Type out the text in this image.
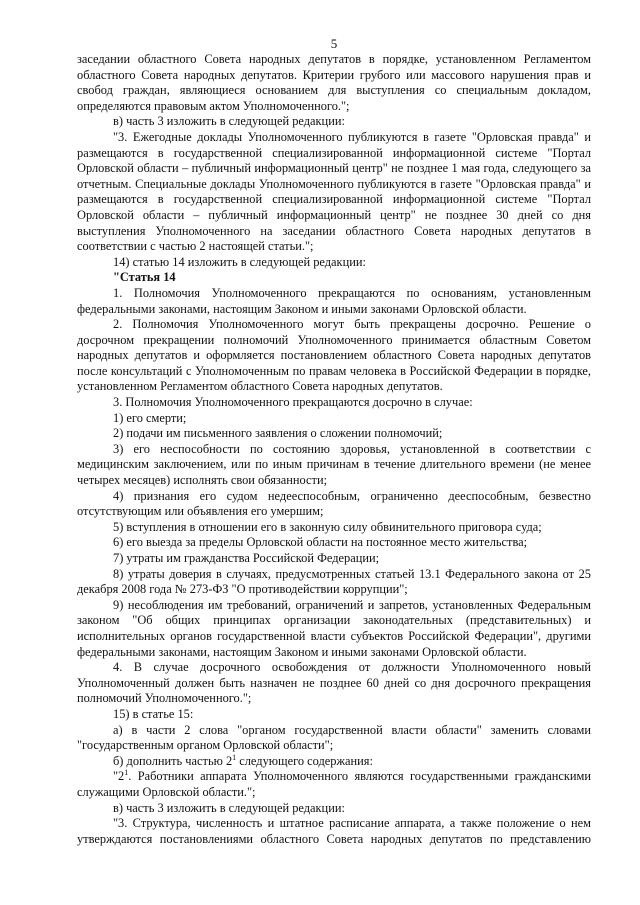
5

заседании областного Совета народных депутатов в порядке, установленном Регламентом областного Совета народных депутатов. Критерии грубого или массового нарушения прав и свобод граждан, являющиеся основанием для выступления со специальным докладом, определяются правовым актом Уполномоченного.";

в) часть 3 изложить в следующей редакции:

"3. Ежегодные доклады Уполномоченного публикуются в газете "Орловская правда" и размещаются в государственной специализированной информационной системе "Портал Орловской области – публичный информационный центр" не позднее 1 мая года, следующего за отчетным. Специальные доклады Уполномоченного публикуются в газете "Орловская правда" и размещаются в государственной специализированной информационной системе "Портал Орловской области – публичный информационный центр" не позднее 30 дней со дня выступления Уполномоченного на заседании областного Совета народных депутатов в соответствии с частью 2 настоящей статьи.";

14) статью 14 изложить в следующей редакции:

"Статья 14

1. Полномочия Уполномоченного прекращаются по основаниям, установленным федеральными законами, настоящим Законом и иными законами Орловской области.

2. Полномочия Уполномоченного могут быть прекращены досрочно. Решение о досрочном прекращении полномочий Уполномоченного принимается областным Советом народных депутатов и оформляется постановлением областного Совета народных депутатов после консультаций с Уполномоченным по правам человека в Российской Федерации в порядке, установленном Регламентом областного Совета народных депутатов.

3. Полномочия Уполномоченного прекращаются досрочно в случае:

1) его смерти;

2) подачи им письменного заявления о сложении полномочий;

3) его неспособности по состоянию здоровья, установленной в соответствии с медицинским заключением, или по иным причинам в течение длительного времени (не менее четырех месяцев) исполнять свои обязанности;

4) признания его судом недееспособным, ограниченно дееспособным, безвестно отсутствующим или объявления его умершим;

5) вступления в отношении его в законную силу обвинительного приговора суда;

6) его выезда за пределы Орловской области на постоянное место жительства;

7) утраты им гражданства Российской Федерации;

8) утраты доверия в случаях, предусмотренных статьей 13.1 Федерального закона от 25 декабря 2008 года № 273-ФЗ "О противодействии коррупции";

9) несоблюдения им требований, ограничений и запретов, установленных Федеральным законом "Об общих принципах организации законодательных (представительных) и исполнительных органов государственной власти субъектов Российской Федерации", другими федеральными законами, настоящим Законом и иными законами Орловской области.

4. В случае досрочного освобождения от должности Уполномоченного новый Уполномоченный должен быть назначен не позднее 60 дней со дня досрочного прекращения полномочий Уполномоченного.";

15) в статье 15:

а) в части 2 слова "органом государственной власти области" заменить словами "государственным органом Орловской области";

б) дополнить частью $2^1$ следующего содержания:

"$2^1$. Работники аппарата Уполномоченного являются государственными гражданскими служащими Орловской области.";

в) часть 3 изложить в следующей редакции:

"3. Структура, численность и штатное расписание аппарата, а также положение о нем утверждаются постановлениями областного Совета народных депутатов по представлению
